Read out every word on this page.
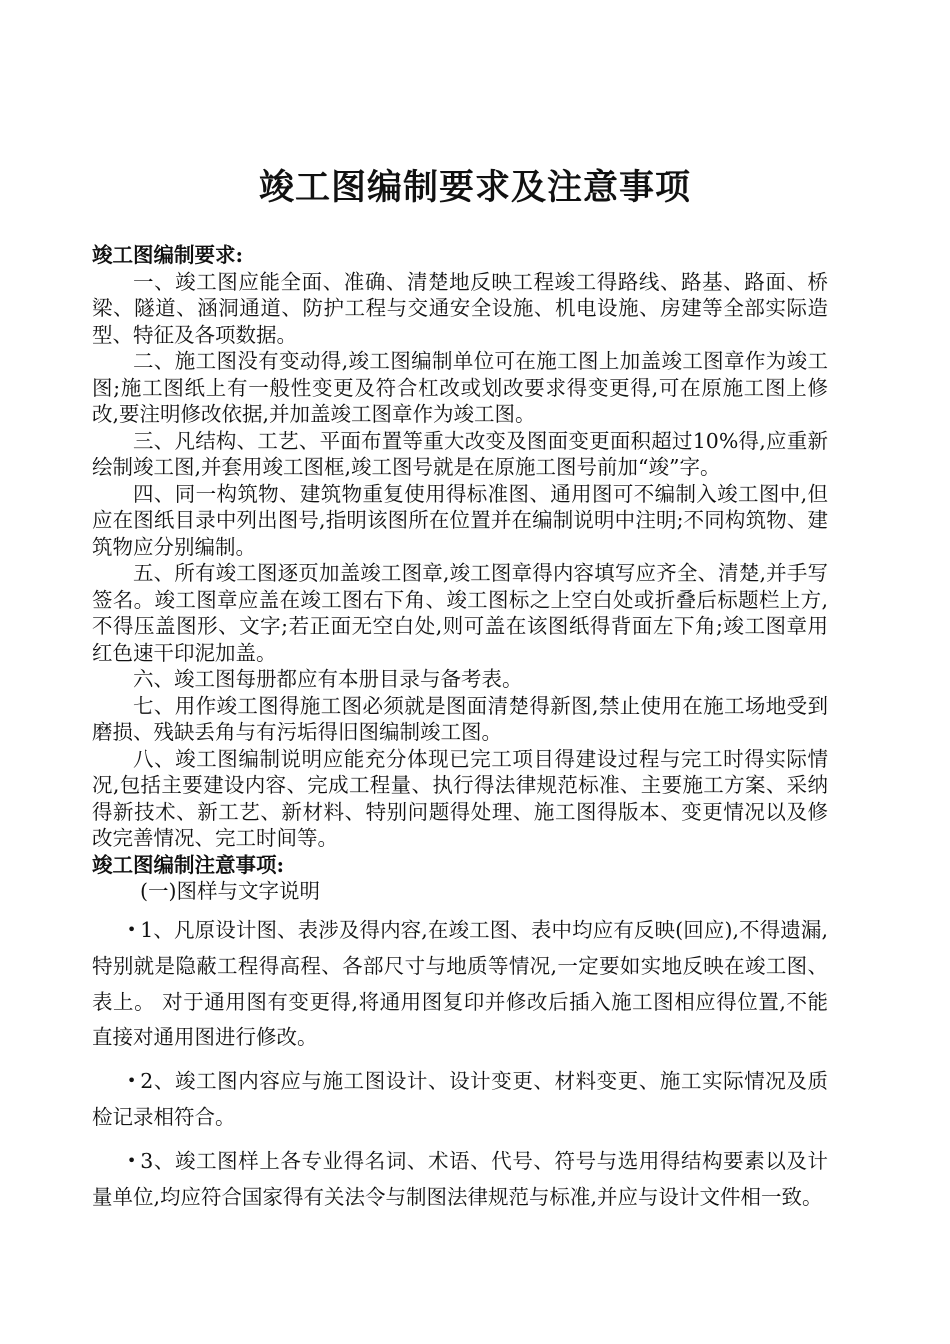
竣工图编制要求及注意事项

竣工图编制要求:

一、竣工图应能全面、准确、清楚地反映工程竣工得路线、路基、路面、桥梁、隧道、涵洞通道、防护工程与交通安全设施、机电设施、房建等全部实际造型、特征及各项数据。

二、施工图没有变动得,竣工图编制单位可在施工图上加盖竣工图章作为竣工图;施工图纸上有一般性变更及符合杠改或划改要求得变更得,可在原施工图上修改,要注明修改依据,并加盖竣工图章作为竣工图。

三、凡结构、工艺、平面布置等重大改变及图面变更面积超过10%得,应重新绘制竣工图,并套用竣工图框,竣工图号就是在原施工图号前加“竣”字。

四、同一构筑物、建筑物重复使用得标准图、通用图可不编制入竣工图中,但应在图纸目录中列出图号,指明该图所在位置并在编制说明中注明;不同构筑物、建筑物应分别编制。

五、所有竣工图逐页加盖竣工图章,竣工图章得内容填写应齐全、清楚,并手写签名。竣工图章应盖在竣工图右下角、竣工图标之上空白处或折叠后标题栏上方,不得压盖图形、文字;若正面无空白处,则可盖在该图纸得背面左下角;竣工图章用红色速干印泥加盖。

六、竣工图每册都应有本册目录与备考表。

七、用作竣工图得施工图必须就是图面清楚得新图,禁止使用在施工场地受到磨损、残缺丢角与有污垢得旧图编制竣工图。

八、竣工图编制说明应能充分体现已完工项目得建设过程与完工时得实际情况,包括主要建设内容、完成工程量、执行得法律规范标准、主要施工方案、采纳得新技术、新工艺、新材料、特别问题得处理、施工图得版本、变更情况以及修改完善情况、完工时间等。

竣工图编制注意事项:

(一)图样与文字说明

• 1、凡原设计图、表涉及得内容,在竣工图、表中均应有反映(回应),不得遗漏,特别就是隐蔽工程得高程、各部尺寸与地质等情况,一定要如实地反映在竣工图、表上。 对于通用图有变更得,将通用图复印并修改后插入施工图相应得位置,不能直接对通用图进行修改。

• 2、竣工图内容应与施工图设计、设计变更、材料变更、施工实际情况及质检记录相符合。

• 3、竣工图样上各专业得名词、术语、代号、符号与选用得结构要素以及计量单位,均应符合国家得有关法令与制图法律规范与标准,并应与设计文件相一致。
